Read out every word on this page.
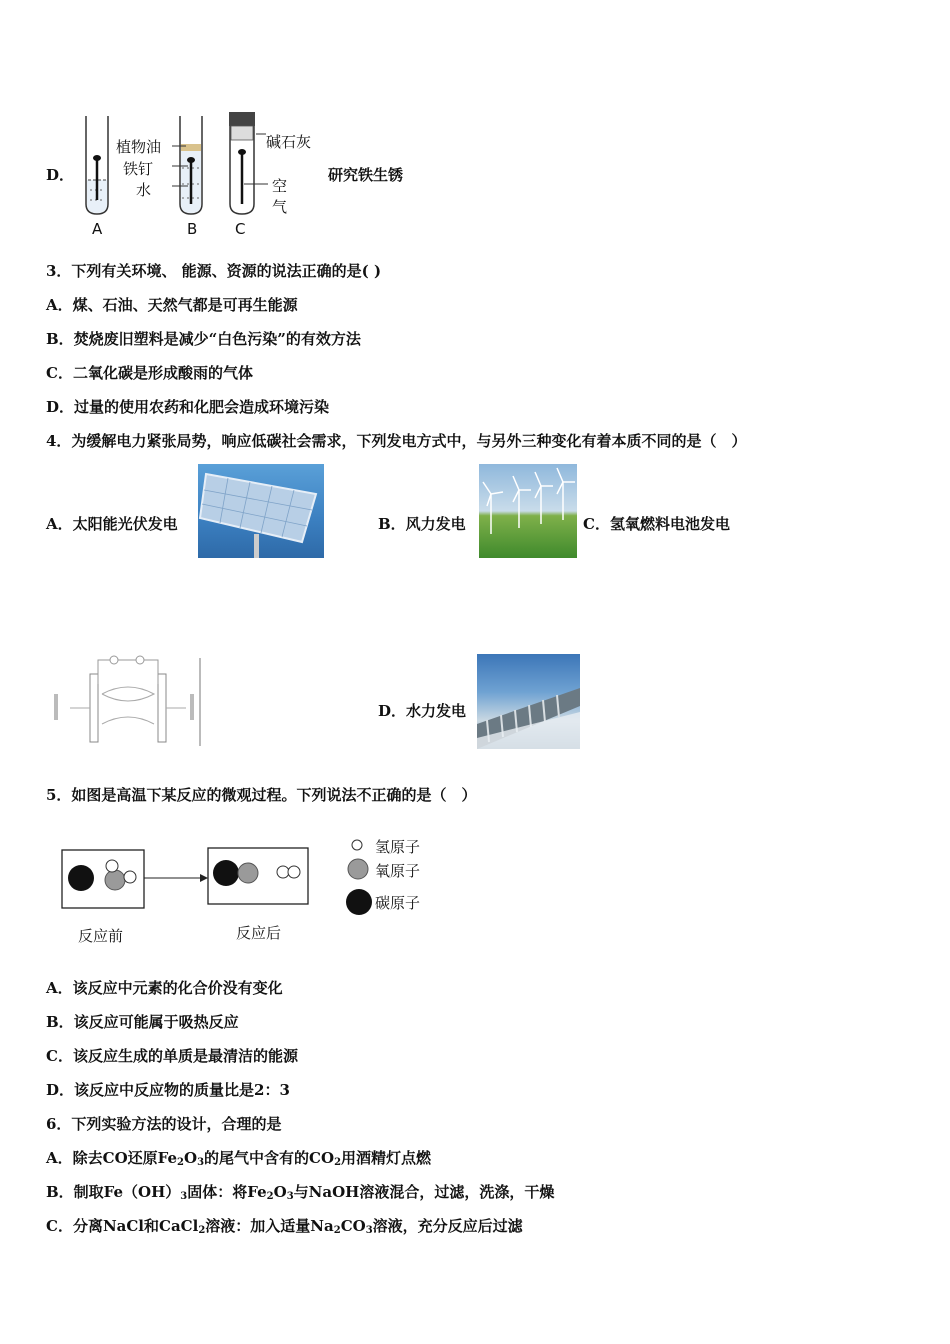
D．
植物油
铁钉
水
碱石灰
空
气
A	B	C
研究铁生锈
3．下列有关环境、 能源、资源的说法正确的是( )
A．煤、石油、天然气都是可再生能源
B．焚烧废旧塑料是减少“白色污染”的有效方法
C．二氧化碳是形成酸雨的气体
D．过量的使用农药和化肥会造成环境污染
4．为缓解电力紧张局势，响应低碳社会需求，下列发电方式中，与另外三种变化有着本质不同的是（　）
A．太阳能光伏发电	B．风力发电	C．氢氧燃料电池发电
D．水力发电
5．如图是高温下某反应的微观过程。下列说法不正确的是（　）
氢原子
氧原子
碳原子
反应前	反应后
A．该反应中元素的化合价没有变化
B．该反应可能属于吸热反应
C．该反应生成的单质是最清洁的能源
D．该反应中反应物的质量比是2：3
6．下列实验方法的设计，合理的是
A．除去CO还原$Fe_2O_3$的尾气中含有的$CO_2$用酒精灯点燃
B．制取$Fe(OH)_3$固体：将$Fe_2O_3$与NaOH溶液混合，过滤，洗涤，干燥
C．分离NaCl和CaCl$_2$溶液：加入适量$Na_2CO_3$溶液，充分反应后过滤
